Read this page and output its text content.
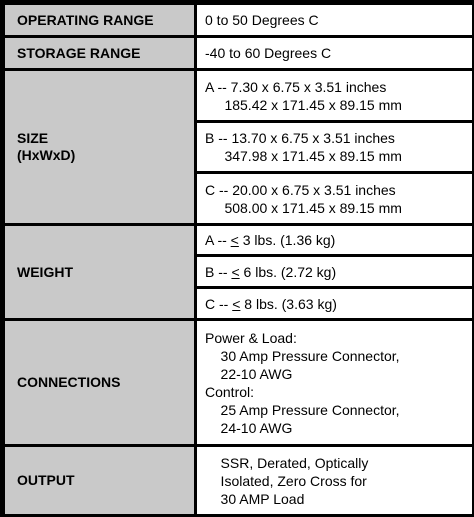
OPERATING RANGE	0 to 50 Degrees C
STORAGE RANGE	-40 to 60 Degrees C
SIZE
(HxWxD)
A -- 7.30 x 6.75 x 3.51 inches
185.42 x 171.45 x 89.15 mm
B -- 13.70 x 6.75 x 3.51 inches
347.98 x 171.45 x 89.15 mm
C -- 20.00 x 6.75 x 3.51 inches
508.00 x 171.45 x 89.15 mm
WEIGHT
A -- < 3 lbs. (1.36 kg)
B -- < 6 lbs. (2.72 kg)
C -- < 8 lbs. (3.63 kg)
CONNECTIONS
Power & Load:
30 Amp Pressure Connector,
22-10 AWG
Control:
25 Amp Pressure Connector,
24-10 AWG
OUTPUT
SSR, Derated, Optically
Isolated, Zero Cross for
30 AMP Load
